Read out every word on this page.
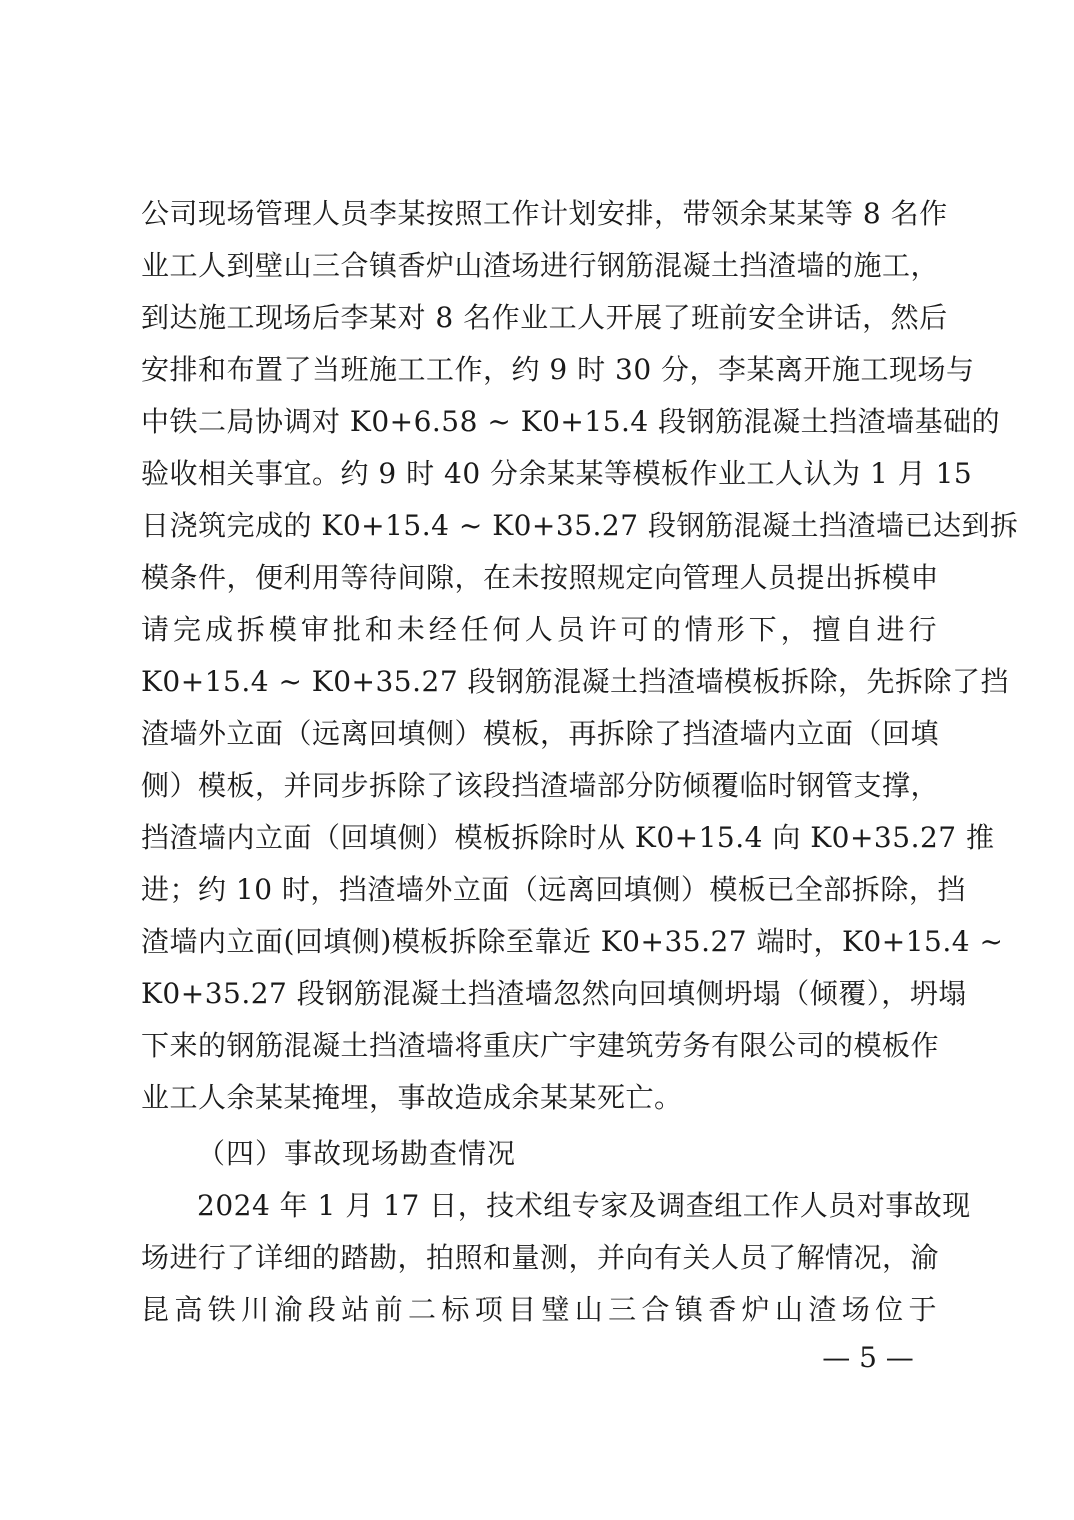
公司现场管理人员李某按照工作计划安排，带领余某某等 8 名作
业工人到壁山三合镇香炉山渣场进行钢筋混凝土挡渣墙的施工，
到达施工现场后李某对 8 名作业工人开展了班前安全讲话，然后
安排和布置了当班施工工作，约 9 时 30 分，李某离开施工现场与
中铁二局协调对 K0+6.58 ~ K0+15.4 段钢筋混凝土挡渣墙基础的
验收相关事宜。约 9 时 40 分余某某等模板作业工人认为 1 月 15
日浇筑完成的 K0+15.4 ~ K0+35.27 段钢筋混凝土挡渣墙已达到拆
模条件，便利用等待间隙，在未按照规定向管理人员提出拆模申
请完成拆模审批和未经任何人员许可的情形下，擅自进行
K0+15.4 ~ K0+35.27 段钢筋混凝土挡渣墙模板拆除，先拆除了挡
渣墙外立面（远离回填侧）模板，再拆除了挡渣墙内立面（回填
侧）模板，并同步拆除了该段挡渣墙部分防倾覆临时钢管支撑，
挡渣墙内立面（回填侧）模板拆除时从 K0+15.4 向 K0+35.27 推
进；约 10 时，挡渣墙外立面（远离回填侧）模板已全部拆除，挡
渣墙内立面(回填侧)模板拆除至靠近 K0+35.27 端时，K0+15.4 ~
K0+35.27 段钢筋混凝土挡渣墙忽然向回填侧坍塌（倾覆），坍塌
下来的钢筋混凝土挡渣墙将重庆广宇建筑劳务有限公司的模板作
业工人余某某掩埋，事故造成余某某死亡。
（四）事故现场勘查情况
2024 年 1 月 17 日，技术组专家及调查组工作人员对事故现
场进行了详细的踏勘，拍照和量测，并向有关人员了解情况，渝
昆高铁川渝段站前二标项目璧山三合镇香炉山渣场位于
— 5 —
